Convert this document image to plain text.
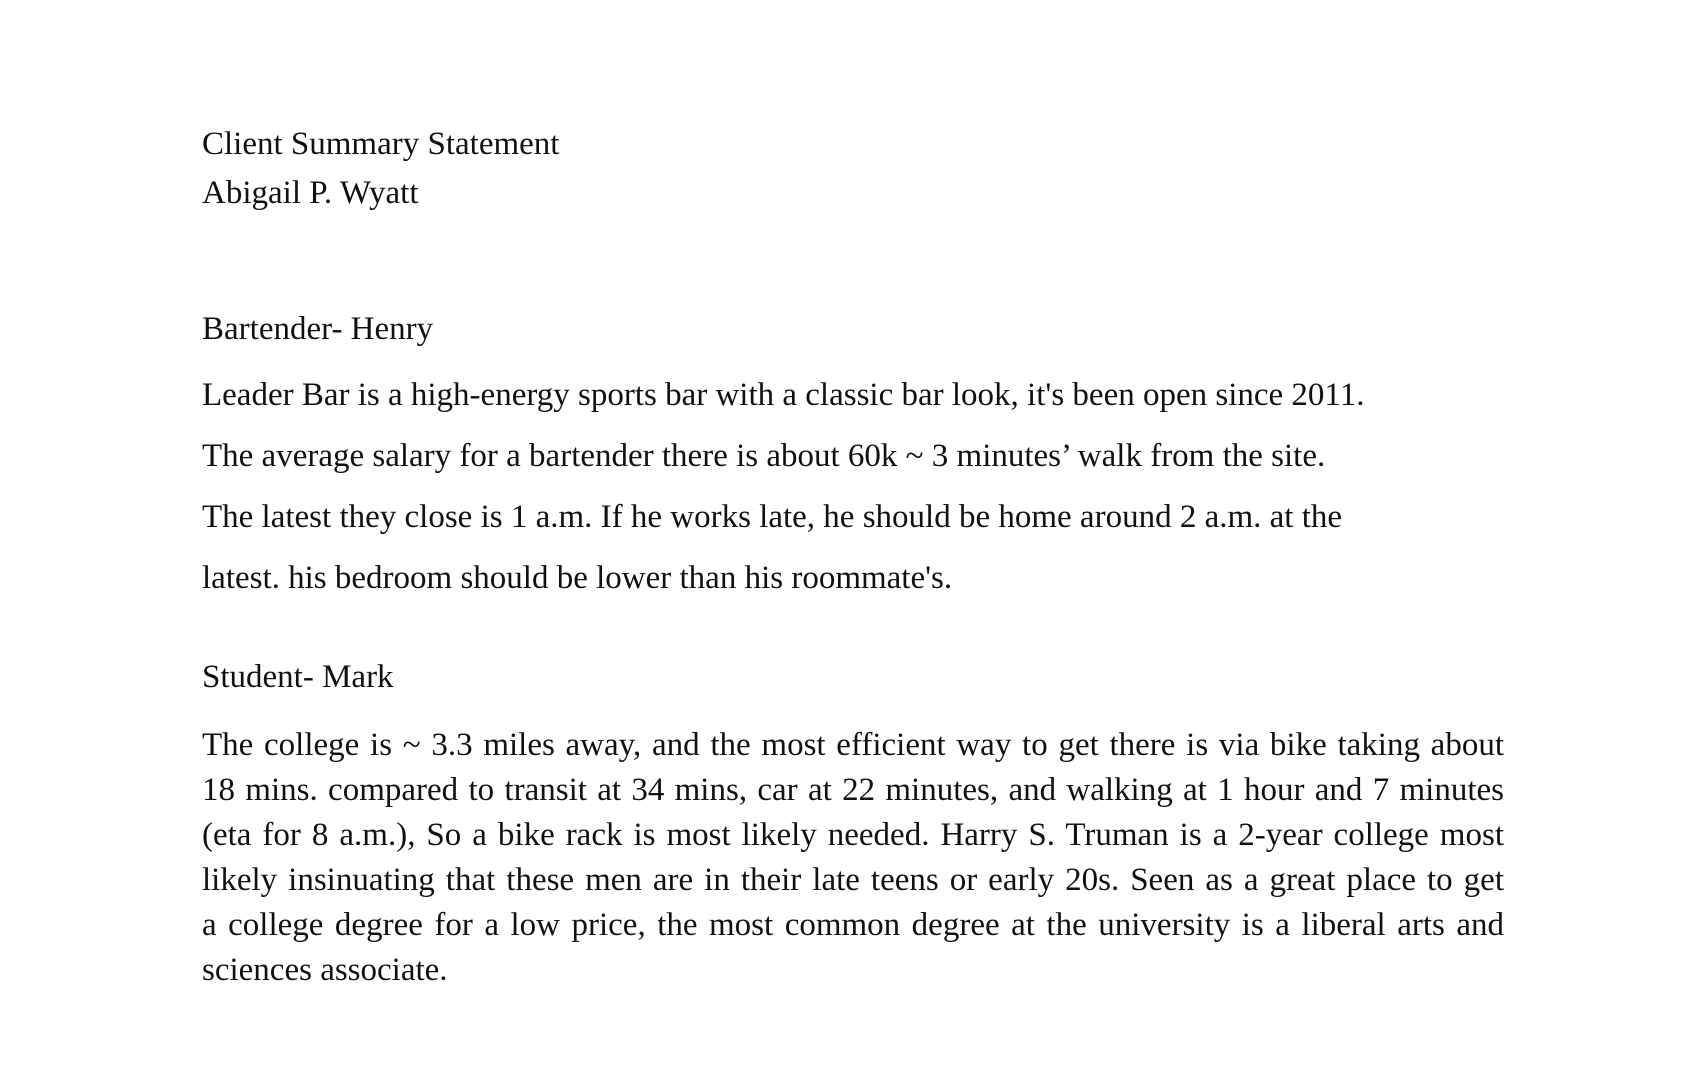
Client Summary Statement
Abigail P. Wyatt
Bartender- Henry
Leader Bar is a high-energy sports bar with a classic bar look, it's been open since 2011.
The average salary for a bartender there is about 60k ~ 3 minutes’ walk from the site.
The latest they close is 1 a.m. If he works late, he should be home around 2 a.m. at the
latest. his bedroom should be lower than his roommate's.
Student- Mark
The college is ~ 3.3 miles away, and the most efficient way to get there is via bike taking about
18 mins. compared to transit at 34 mins, car at 22 minutes, and walking at 1 hour and 7 minutes
(eta for 8 a.m.), So a bike rack is most likely needed. Harry S. Truman is a 2-year college most
likely insinuating that these men are in their late teens or early 20s. Seen as a great place to get
a college degree for a low price, the most common degree at the university is a liberal arts and
sciences associate.
